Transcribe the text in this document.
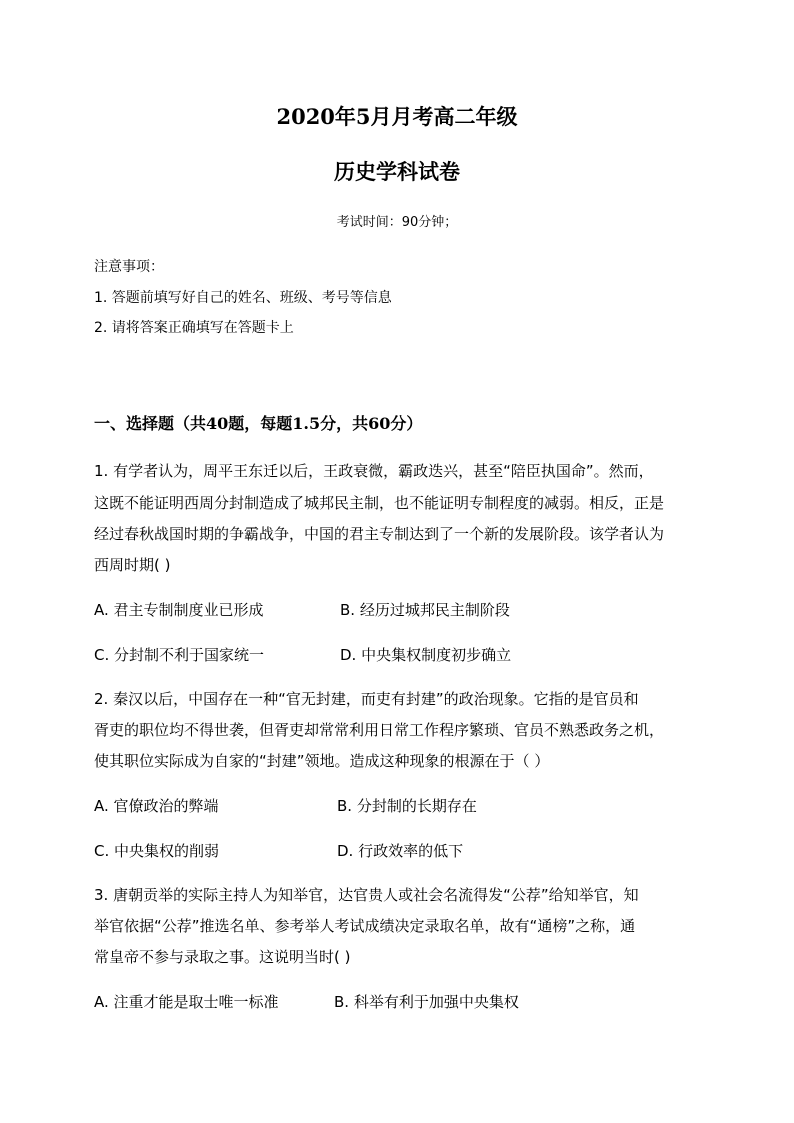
2020年5月月考高二年级
历史学科试卷
考试时间：90分钟；
注意事项：
1. 答题前填写好自己的姓名、班级、考号等信息
2. 请将答案正确填写在答题卡上
一、选择题（共40题，每题1.5分，共60分）
1. 有学者认为，周平王东迁以后，王政衰微，霸政迭兴，甚至“陪臣执国命”。然而，
这既不能证明西周分封制造成了城邦民主制，也不能证明专制程度的减弱。相反，正是
经过春秋战国时期的争霸战争，中国的君主专制达到了一个新的发展阶段。该学者认为
西周时期( )
A. 君主专制制度业已形成	B. 经历过城邦民主制阶段
C. 分封制不利于国家统一	D. 中央集权制度初步确立
2. 秦汉以后，中国存在一种“官无封建，而吏有封建”的政治现象。它指的是官员和
胥吏的职位均不得世袭，但胥吏却常常利用日常工作程序繁琐、官员不熟悉政务之机，
使其职位实际成为自家的“封建”领地。造成这种现象的根源在于（ ）
A. 官僚政治的弊端	B. 分封制的长期存在
C. 中央集权的削弱	D. 行政效率的低下
3. 唐朝贡举的实际主持人为知举官，达官贵人或社会名流得发“公荐”给知举官，知
举官依据“公荐”推选名单、参考举人考试成绩决定录取名单，故有“通榜”之称，通
常皇帝不参与录取之事。这说明当时( )
A. 注重才能是取士唯一标准	B. 科举有利于加强中央集权
